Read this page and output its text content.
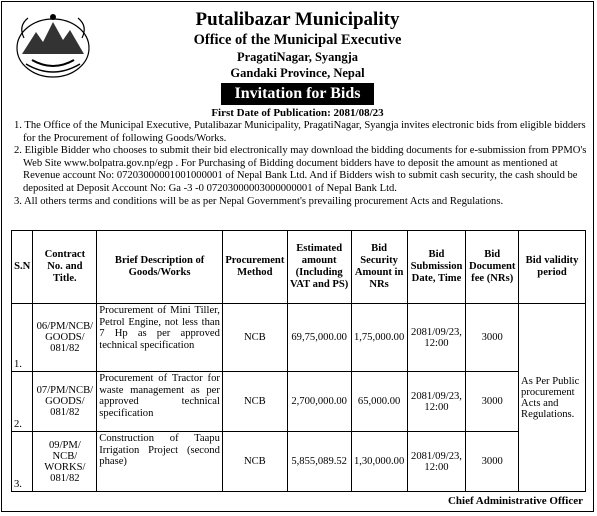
Putalibazar Municipality
Office of the Municipal Executive
PragatiNagar, Syangja
Gandaki Province, Nepal
Invitation for Bids
First Date of Publication: 2081/08/23
1. The Office of the Municipal Executive, Putalibazar Municipality, PragatiNagar, Syangja invites electronic bids from eligible bidders for the Procurement of following Goods/Works.
2. Eligible Bidder who chooses to submit their bid electronically may download the bidding documents for e-submission from PPMO's Web Site www.bolpatra.gov.np/egp . For Purchasing of Bidding document bidders have to deposit the amount as mentioned at Revenue account No: 07203000001001000001 of Nepal Bank Ltd. And if Bidders wish to submit cash security, the cash should be deposited at Deposit Account No: Ga -3 -0 07203000003000000001 of Nepal Bank Ltd.
3. All others terms and conditions will be as per Nepal Government's prevailing procurement Acts and Regulations.
S.N	Contract No. and Title.	Brief Description of Goods/Works	Procurement Method	Estimated amount (Including VAT and PS)	Bid Security Amount in NRs	Bid Submission Date, Time	Bid Document fee (NRs)	Bid validity period
1.	06/PM/NCB/ GOODS/ 081/82	Procurement of Mini Tiller, Petrol Engine, not less than 7 Hp as per approved technical specification	NCB	69,75,000.00	1,75,000.00	2081/09/23, 12:00	3000	As Per Public procurement Acts and Regulations.
2.	07/PM/NCB/ GOODS/ 081/82	Procurement of Tractor for waste management as per approved technical specification	NCB	2,700,000.00	65,000.00	2081/09/23, 12:00	3000	
3.	09/PM/ NCB/ WORKS/ 081/82	Construction of Taapu Irrigation Project (second phase)	NCB	5,855,089.52	1,30,000.00	2081/09/23, 12:00	3000	
Chief Administrative Officer
